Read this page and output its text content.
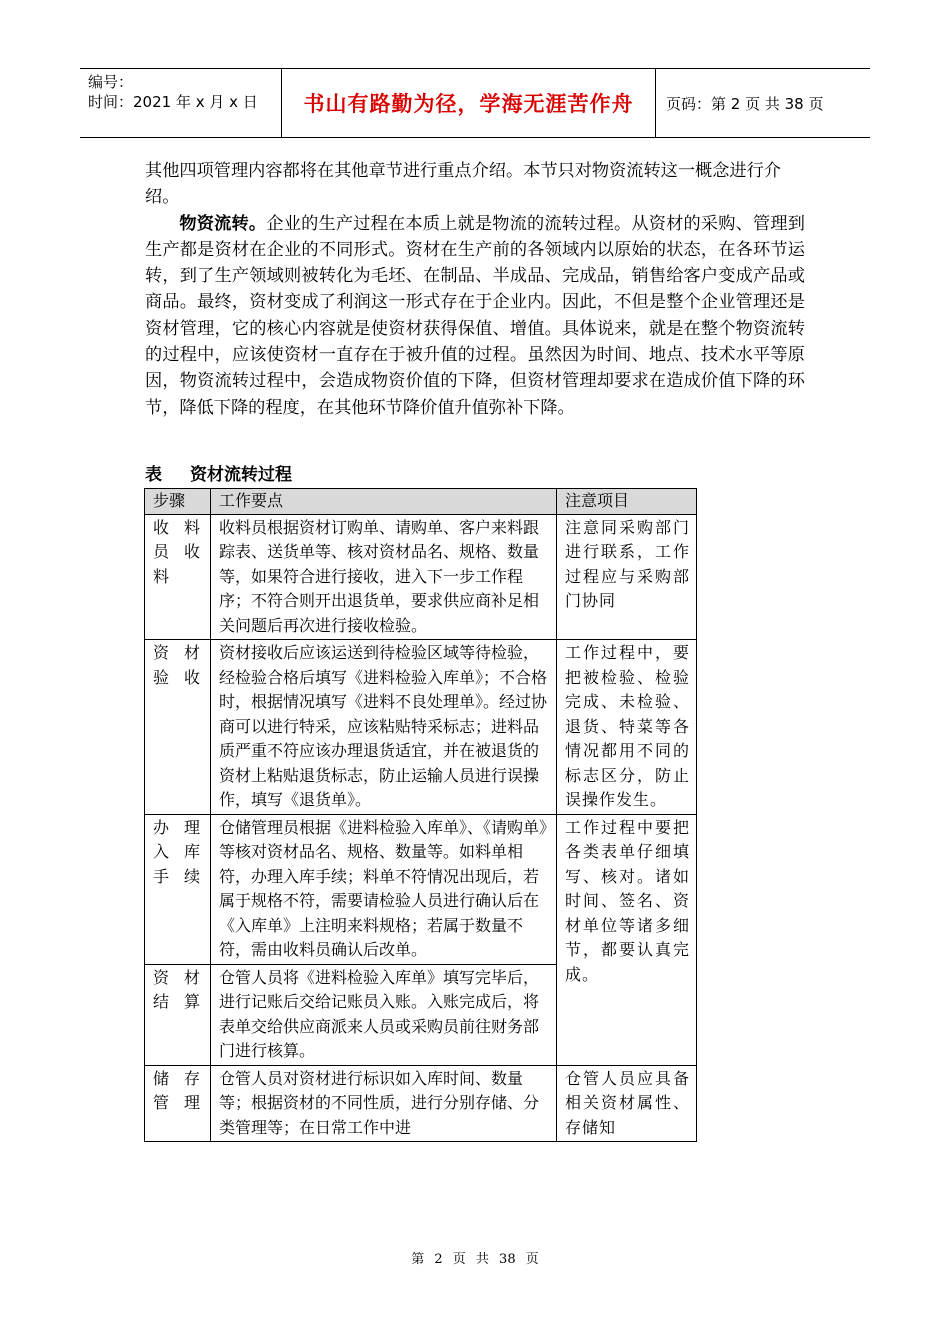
编号：
时间：2021 年 x 月 x 日	书山有路勤为径，学海无涯苦作舟	页码：第 2 页 共 38 页

其他四项管理内容都将在其他章节进行重点介绍。本节只对物资流转这一概念进行介绍。

物资流转。企业的生产过程在本质上就是物流的流转过程。从资材的采购、管理到生产都是资材在企业的不同形式。资材在生产前的各领域内以原始的状态，在各环节运转，到了生产领域则被转化为毛坯、在制品、半成品、完成品，销售给客户变成产品或商品。最终，资材变成了利润这一形式存在于企业内。因此，不但是整个企业管理还是资材管理，它的核心内容就是使资材获得保值、增值。具体说来，就是在整个物资流转的过程中，应该使资材一直存在于被升值的过程。虽然因为时间、地点、技术水平等原因，物资流转过程中，会造成物资价值的下降，但资材管理却要求在造成价值下降的环节，降低下降的程度，在其他环节降价值升值弥补下降。

表 资材流转过程
步骤	工作要点	注意项目
收料员收料	收料员根据资材订购单、请购单、客户来料跟踪表、送货单等、核对资材品名、规格、数量等，如果符合进行接收，进入下一步工作程序；不符合则开出退货单，要求供应商补足相关问题后再次进行接收检验。	注意同采购部门进行联系，工作过程应与采购部门协同
资材验收	资材接收后应该运送到待检验区域等待检验，经检验合格后填写《进料检验入库单》；不合格时，根据情况填写《进料不良处理单》。经过协商可以进行特采，应该粘贴特采标志；进料品质严重不符应该办理退货适宜，并在被退货的资材上粘贴退货标志，防止运输人员进行误操作，填写《退货单》。	工作过程中，要把被检验、检验完成、未检验、退货、特菜等各情况都用不同的标志区分，防止误操作发生。
办理入库手续	仓储管理员根据《进料检验入库单》、《请购单》等核对资材品名、规格、数量等。如料单相符，办理入库手续；料单不符情况出现后，若属于规格不符，需要请检验人员进行确认后在《入库单》上注明来料规格；若属于数量不符，需由收料员确认后改单。	工作过程中要把各类表单仔细填写、核对。诸如时间、签名、资材单位等诸多细节，都要认真完成。
资材结算	仓管人员将《进料检验入库单》填写完毕后，进行记账后交给记账员入账。入账完成后，将表单交给供应商派来人员或采购员前往财务部门进行核算。	
储存管理	仓管人员对资材进行标识如入库时间、数量等；根据资材的不同性质，进行分别存储、分类管理等；在日常工作中进	仓管人员应具备相关资材属性、存储知
第 2 页 共 38 页
